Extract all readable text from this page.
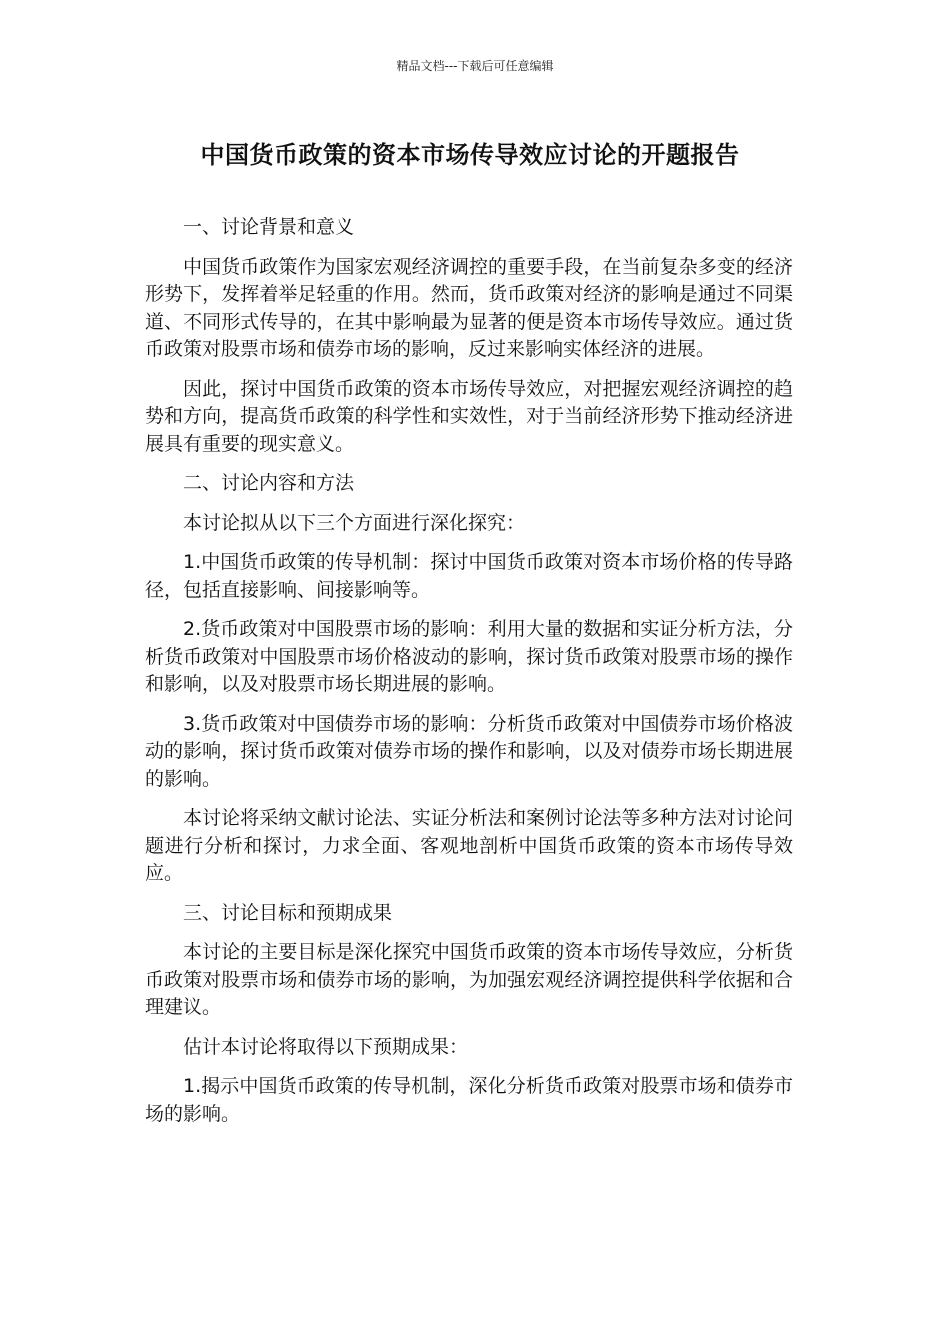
精品文档---下载后可任意编辑
中国货币政策的资本市场传导效应讨论的开题报告
一、讨论背景和意义

中国货币政策作为国家宏观经济调控的重要手段，在当前复杂多变的经济形势下，发挥着举足轻重的作用。然而，货币政策对经济的影响是通过不同渠道、不同形式传导的，在其中影响最为显著的便是资本市场传导效应。通过货币政策对股票市场和债券市场的影响，反过来影响实体经济的进展。

因此，探讨中国货币政策的资本市场传导效应，对把握宏观经济调控的趋势和方向，提高货币政策的科学性和实效性，对于当前经济形势下推动经济进展具有重要的现实意义。

二、讨论内容和方法

本讨论拟从以下三个方面进行深化探究：

1.中国货币政策的传导机制：探讨中国货币政策对资本市场价格的传导路径，包括直接影响、间接影响等。

2.货币政策对中国股票市场的影响：利用大量的数据和实证分析方法，分析货币政策对中国股票市场价格波动的影响，探讨货币政策对股票市场的操作和影响，以及对股票市场长期进展的影响。

3.货币政策对中国债券市场的影响：分析货币政策对中国债券市场价格波动的影响，探讨货币政策对债券市场的操作和影响，以及对债券市场长期进展的影响。

本讨论将采纳文献讨论法、实证分析法和案例讨论法等多种方法对讨论问题进行分析和探讨，力求全面、客观地剖析中国货币政策的资本市场传导效应。

三、讨论目标和预期成果

本讨论的主要目标是深化探究中国货币政策的资本市场传导效应，分析货币政策对股票市场和债券市场的影响，为加强宏观经济调控提供科学依据和合理建议。

估计本讨论将取得以下预期成果：

1.揭示中国货币政策的传导机制，深化分析货币政策对股票市场和债券市场的影响。
